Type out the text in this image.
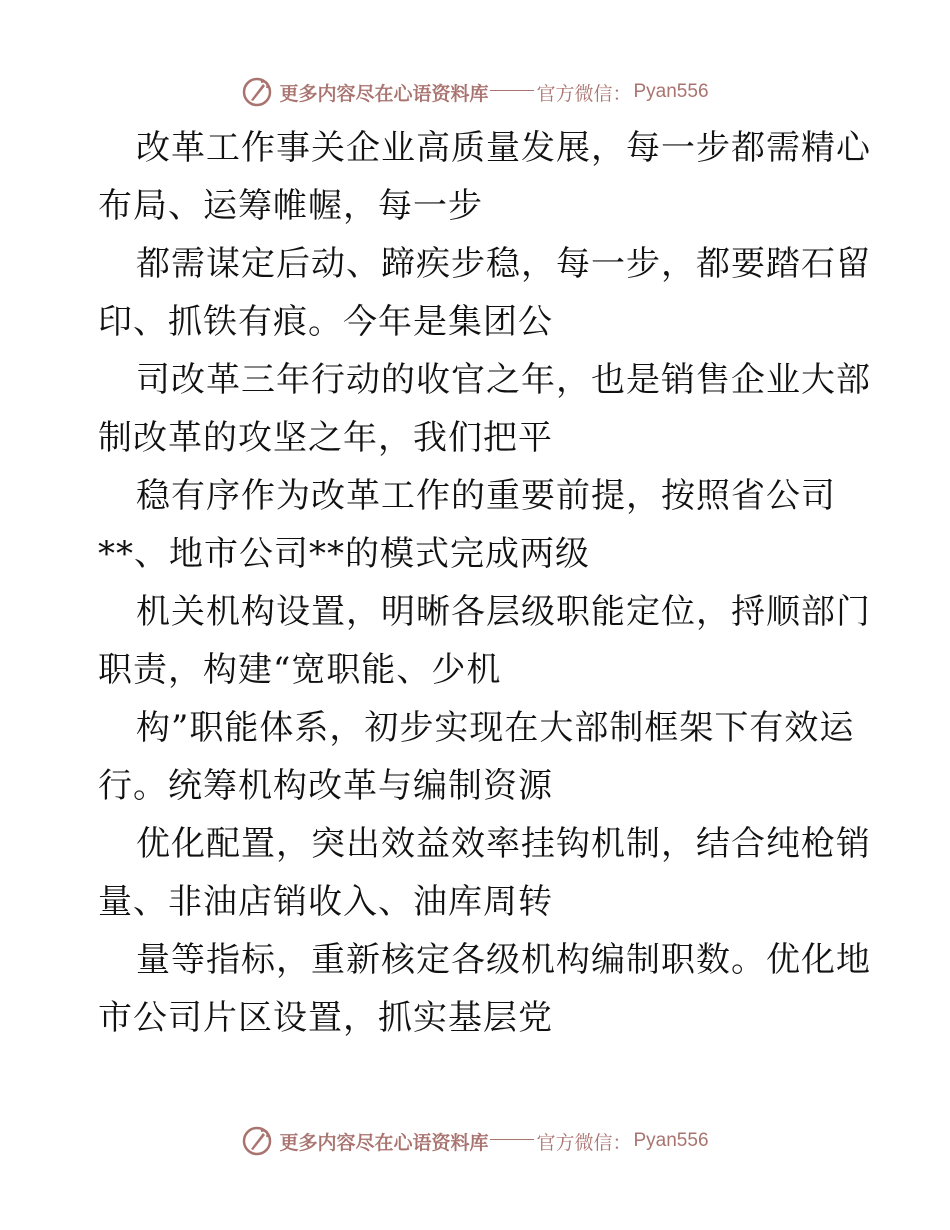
更多内容尽在心语资料库	官方微信： Pyan556
改革工作事关企业高质量发展，每一步都需精心
布局、运筹帷幄，每一步
都需谋定后动、蹄疾步稳，每一步，都要踏石留
印、抓铁有痕。今年是集团公
司改革三年行动的收官之年，也是销售企业大部
制改革的攻坚之年，我们把平
稳有序作为改革工作的重要前提，按照省公司
**、地市公司**的模式完成两级
机关机构设置，明晰各层级职能定位，捋顺部门
职责，构建“宽职能、少机
构”职能体系，初步实现在大部制框架下有效运
行。统筹机构改革与编制资源
优化配置，突出效益效率挂钩机制，结合纯枪销
量、非油店销收入、油库周转
量等指标，重新核定各级机构编制职数。优化地
市公司片区设置，抓实基层党
更多内容尽在心语资料库	官方微信： Pyan556
